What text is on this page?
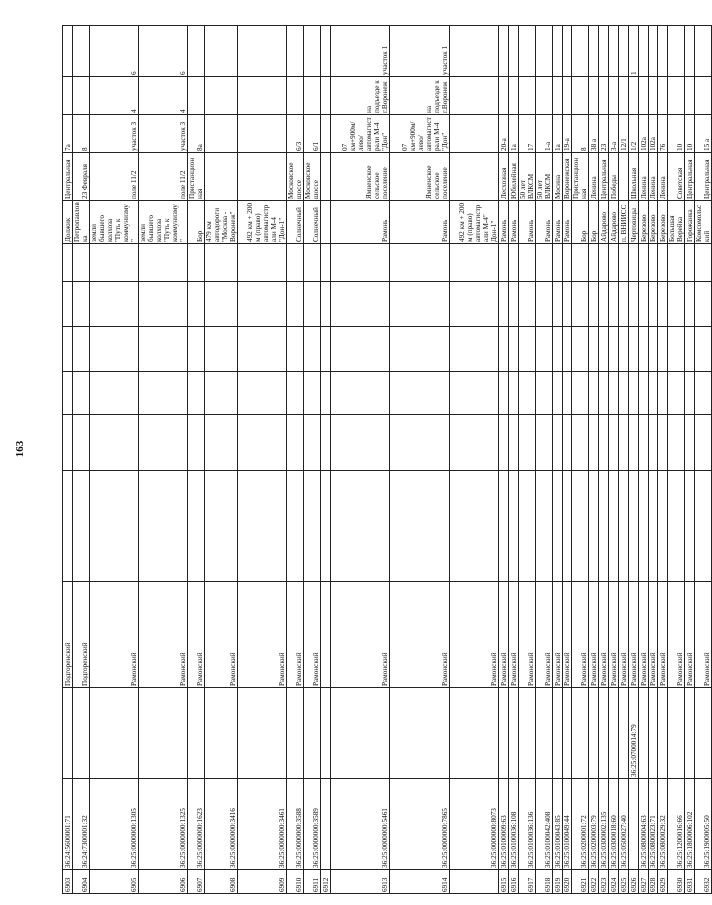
163
6903	36:24:5600001:71		Подгоренский							Должик	Центральная	7а		
6904	36:24:7300001:32		Подгоренский							Петропавловка	23 Февраля	8		
6905	36:25:0000000:1305		Рамонский							земли бывшего колхоза "Путь к коммунизму"	поле 11/2	участок 3	4	6
6906	36:25:0000000:1325		Рамонский							земли бывшего колхоза "Путь к коммунизму"	поле 11/2	участок 3	4	6
6907	36:25:0000000:1623		Рамонский							Бор	Пристанционная	8а		
6908	36:25:0000000:3416		Рамонский							479 км автодороги "Москва - Воронеж"				
6909	36:25:0000000:3461		Рамонский							492 км + 200 м (право) автомагистрали М-4 "Дон-1"				
6910	36:25:0000000:3588		Рамонский							Солнечный	Московское шоссе	6/3		
6911	36:25:0000000:3589		Рамонский							Солнечный	Московское шоссе	6/1		
6912														
6913	36:25:0000000:5461		Рамонский							Рамонь	Ямненское сельское поселение	07 км+900м/лево/ автомагистрали М-4 "Дон"	на подъезде к г.Воронеж	участок 1
6914	36:25:0000000:7865		Рамонский							Рамонь	Ямненское сельское поселение	07 км+900м/лево/ автомагистрали М-4 "Дон"	на подъезде к г.Воронеж	участок 1
	36:25:0000000:8073		Рамонский							492 км + 200 м (право) автомагистрали М-4" Дон-1"				
6915	36:25:0100009:63		Рамонский							Рамонь	Лесхозная	20-а		
6916	36:25:0100036:108		Рамонский							Рамонь	Юбилейная	1а		
6917	36:25:0100036:136		Рамонский							Рамонь	50 лет ВЛКСМ	17		
6918	36:25:0100042:408		Рамонский							Рамонь	50 лет ВЛКСМ	1-а		
6919	36:25:0100043:85		Рамонский							Рамонь	Мосина	1а		
6920	36:25:0100049:44		Рамонский							Рамонь	Воронежская	19-а		
6921	36:25:0200001:72		Рамонский							Бор	Пристанционная	8		
6922	36:25:0200003:79		Рамонский							Бор	Ленина	38 а		
6923	36:25:0300002:135		Рамонский							Айдарово	Центральная	23		
6924	36:25:0300018:60		Рамонский							Айдарово	Победы	3-а		
6925	36:25:0500027:40		Рамонский							п. ВНИИСС		12/1		
6926		36:25:0700014:79	Рамонский							Чертовицы	Школьная	1/2		1
6927	36:25:0800004:63		Рамонский							Березово	Ленина	102а		
6928	36:25:0800023:71		Рамонский							Березово	Ленина	102а		
6929	36:25:0800029:32		Рамонский							Березово	Ленина	76		
6930	36:25:1200016:66		Рамонский							Большая Верейка	Советская	10		
6931	36:25:1800006:102		Рамонский							Горожанка	Центральная	10		
6932	36:25:1900005:50		Рамонский							Комсомольский	Центральная	15 а		
